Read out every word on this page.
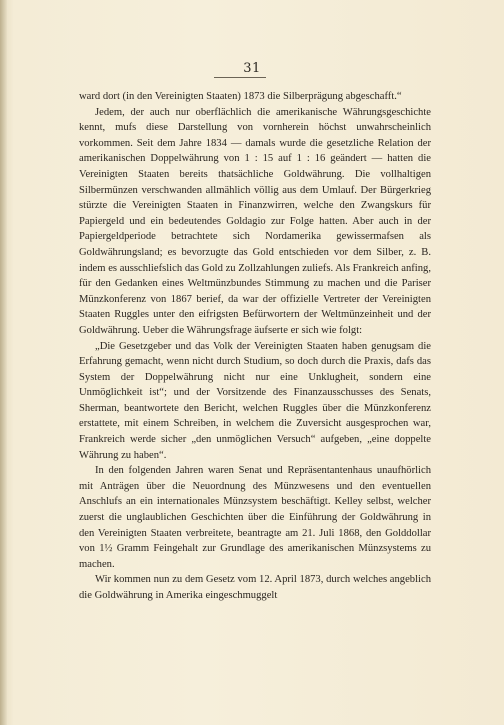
31

ward dort (in den Vereinigten Staaten) 1873 die Silberprägung abgeschafft.“

Jedem, der auch nur oberflächlich die amerikanische Währungsgeschichte kennt, mufs diese Darstellung von vornherein höchst unwahrscheinlich vorkommen. Seit dem Jahre 1834 — damals wurde die gesetzliche Relation der amerikanischen Doppelwährung von 1 : 15 auf 1 : 16 geändert — hatten die Vereinigten Staaten bereits thatsächliche Goldwährung. Die vollhaltigen Silbermünzen verschwanden allmählich völlig aus dem Umlauf. Der Bürgerkrieg stürzte die Vereinigten Staaten in Finanzwirren, welche den Zwangskurs für Papiergeld und ein bedeutendes Goldagio zur Folge hatten. Aber auch in der Papiergeldperiode betrachtete sich Nordamerika gewissermafsen als Goldwährungsland; es bevorzugte das Gold entschieden vor dem Silber, z. B. indem es ausschliefslich das Gold zu Zollzahlungen zuliefs. Als Frankreich anfing, für den Gedanken eines Weltmünzbundes Stimmung zu machen und die Pariser Münzkonferenz von 1867 berief, da war der offizielle Vertreter der Vereinigten Staaten Ruggles unter den eifrigsten Befürwortern der Weltmünzeinheit und der Goldwährung. Ueber die Währungsfrage äufserte er sich wie folgt:

„Die Gesetzgeber und das Volk der Vereinigten Staaten haben genugsam die Erfahrung gemacht, wenn nicht durch Studium, so doch durch die Praxis, dafs das System der Doppelwährung nicht nur eine Unklugheit, sondern eine Unmöglichkeit ist“; und der Vorsitzende des Finanzausschusses des Senats, Sherman, beantwortete den Bericht, welchen Ruggles über die Münzkonferenz erstattete, mit einem Schreiben, in welchem die Zuversicht ausgesprochen war, Frankreich werde sicher „den unmöglichen Versuch“ aufgeben, „eine doppelte Währung zu haben“.

In den folgenden Jahren waren Senat und Repräsentantenhaus unaufhörlich mit Anträgen über die Neuordnung des Münzwesens und den eventuellen Anschlufs an ein internationales Münzsystem beschäftigt. Kelley selbst, welcher zuerst die unglaublichen Geschichten über die Einführung der Goldwährung in den Vereinigten Staaten verbreitete, beantragte am 21. Juli 1868, den Golddollar von 1½ Gramm Feingehalt zur Grundlage des amerikanischen Münzsystems zu machen.

Wir kommen nun zu dem Gesetz vom 12. April 1873, durch welches angeblich die Goldwährung in Amerika eingeschmuggelt
